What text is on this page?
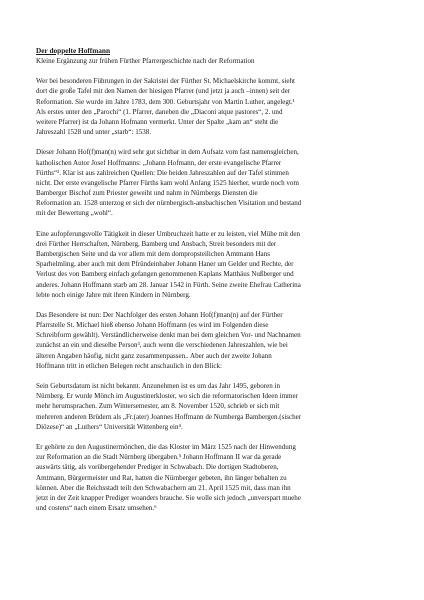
Der doppelte Hoffmann

Kleine Ergänzung zur frühen Fürther Pfarrergeschichte nach der Reformation

Wer bei besonderen Führungen in der Sakristei der Fürther St. Michaelskirche kommt, sieht
dort die große Tafel mit den Namen der hiesigen Pfarrer (und jetzt ja auch –innen) seit der
Reformation. Sie wurde im Jahre 1783, dem 300. Geburtsjahr von Martin Luther, angelegt.¹
Als erstes unter den „Parochi“ (1. Pfarrer, daneben die „Diaconi atque pastores“, 2. und
weitere Pfarrer) ist da Johann Hofmann vermerkt. Unter der Spalte „kam an“ steht die
Jahreszahl 1528 und unter „starb“: 1538.

Dieser Johann Hof(f)man(n) wird sehr gut sichtbar in dem Aufsatz vom fast namensgleichen,
katholischen Autor Josef Hoffmanns: „Johann Hofmann, der erste evangelische Pfarrer
Fürths“². Klar ist aus zahlreichen Quellen: Die beiden Jahreszahlen auf der Tafel stimmen
nicht. Der erste evangelische Pfarrer Fürths kam wohl Anfang 1525 hierher, wurde noch vom
Bamberger Bischof zum Priester geweiht und nahm in Nürnbergs Diensten die
Reformation an. 1528 unterzog er sich der nürnbergisch-ansbachischen Visitation und bestand
mit der Bewertung „wohl“.

Eine aufopferungsvolle Tätigkeit in dieser Umbruchzeit hatte er zu leisten, viel Mühe mit den
drei Fürther Herrschaften, Nürnberg, Bamberg und Ansbach, Streit besonders mit der
Bambergischen Seite und da vor allem mit dem dompropsteilichen Amtmann Hans
Sparhelmling, aber auch mit dem Pfründeinhaber Johann Haner um Gelder und Rechte, der
Verlust des von Bamberg einfach gefangen genommenen Kaplans Matthäus Nußberger und
anderes. Johann Hoffmann starb am 28. Januar 1542 in Fürth. Seine zweite Ehefrau Catherina
lebte noch einige Jahre mit ihren Kindern in Nürnberg.

Das Besondere ist nun: Der Nachfolger des ersten Johann Hof(f)man(n) auf der Fürther
Pfarrstelle St. Michael hieß ebenso Johann Hoffmann (es wird im Folgenden diese
Schreibform gewählt). Verständlicherweise denkt man bei dem gleichen Vor- und Nachnamen
zunächst an ein und dieselbe Person³, auch wenn die verschiedenen Jahreszahlen, wie bei
älteren Angaben häufig, nicht ganz zusammenpassen.. Aber auch der zweite Johann
Hoffmann tritt in etlichen Belegen recht anschaulich in den Blick:

Sein Geburtsdatum ist nicht bekannt. Anzunehmen ist es um das Jahr 1495, geboren in
Nürnberg. Er wurde Mönch im Augustinerkloster, wo sich die reformatorischen Ideen immer
mehr herumsprachen. Zum Wintersemester, am 8. November 1520, schrieb er sich mit
mehreren anderen Brüdern als „Fr.(ater) Joannes Hoffmann de Numberga Bambergen.(sischer
Diözese)“ an „Luthers“ Universität Wittenberg ein⁴.

Er gehörte zu den Augustinermönchen, die das Kloster im März 1525 nach der Hinwendung
zur Reformation an die Stadt Nürnberg übergaben.⁵ Johann Hoffmann II war da gerade
auswärts tätig, als vorübergehender Prediger in Schwabach. Die dortigen Stadtoberen,
Amtmann, Bürgermeister und Rat, hatten die Nürnberger gebeten, ihn länger behalten zu
können. Aber die Reichsstadt teilt den Schwabachern am 21. April 1525 mit, dass man ihn
jetzt in der Zeit knapper Prediger woanders brauche. Sie wolle sich jedoch „unverspart muehe
und costens“ nach einem Ersatz umsehen.⁶
